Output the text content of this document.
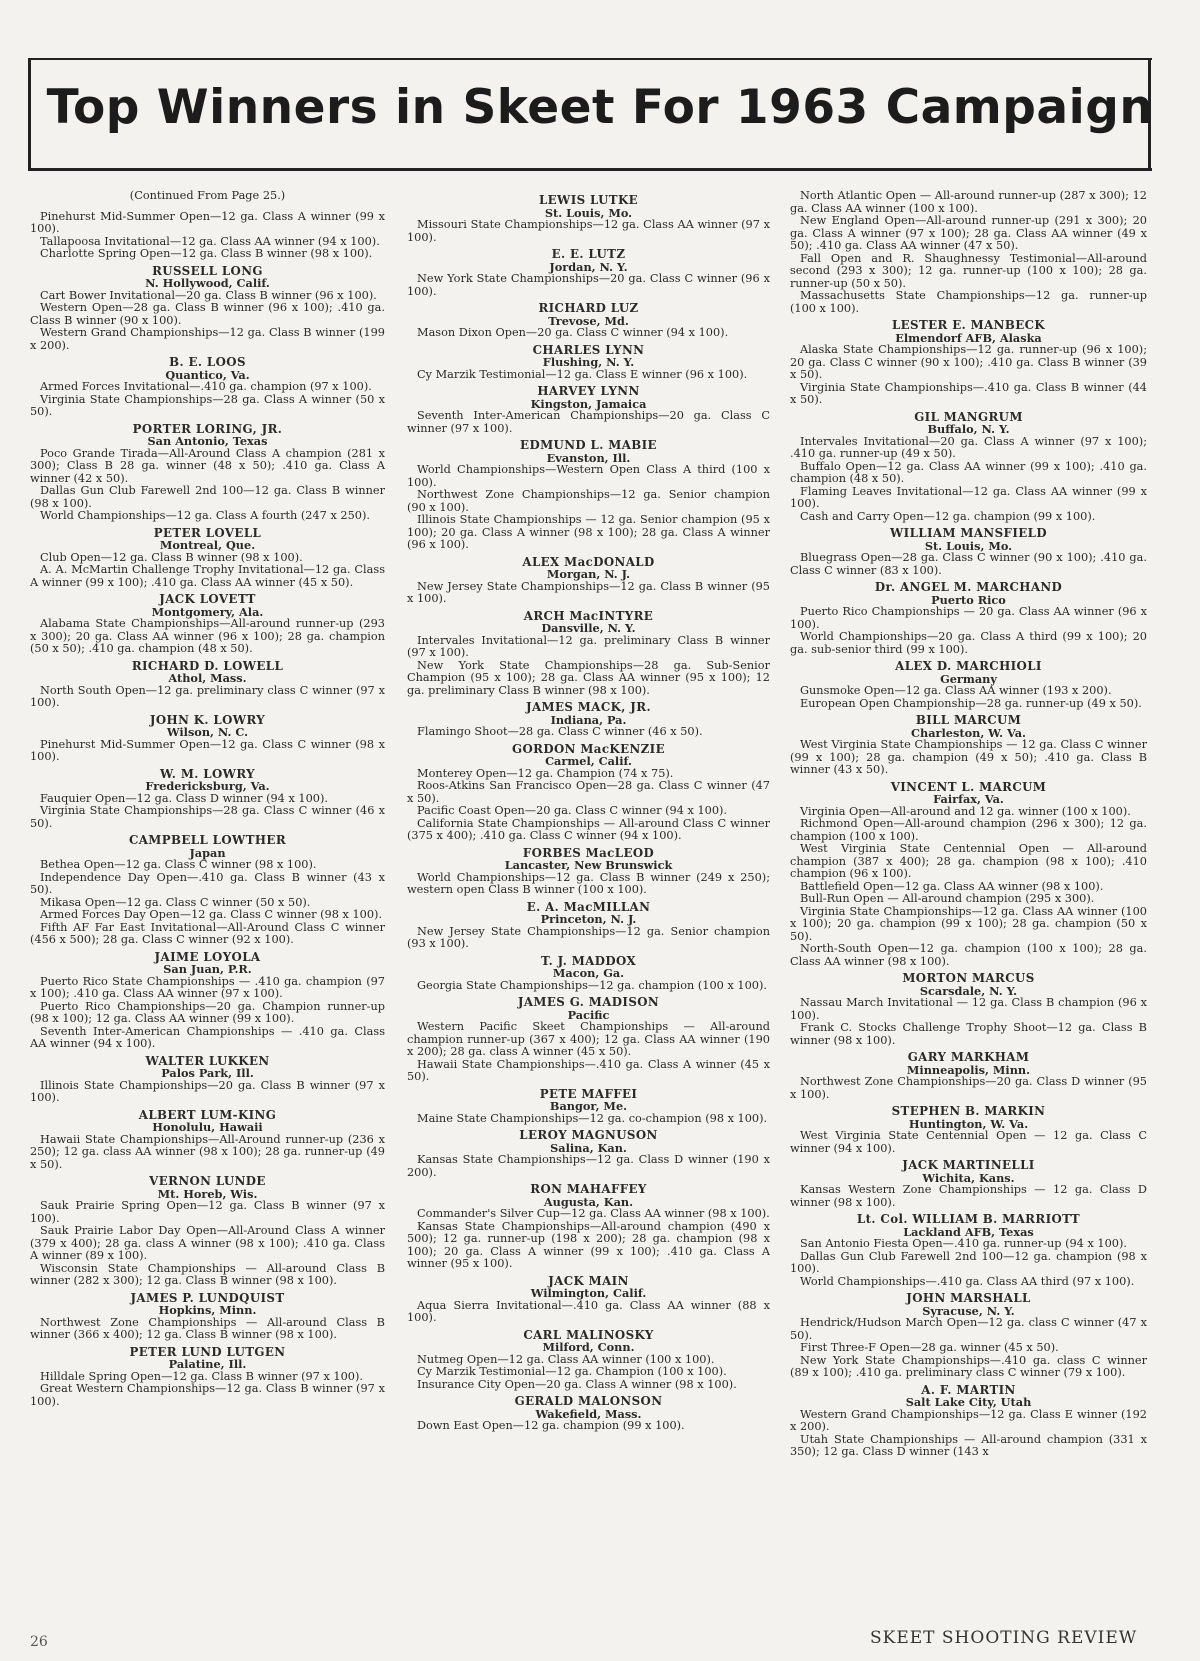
Top Winners in Skeet For 1963 Campaign

(Continued From Page 25.)

Pinehurst Mid-Summer Open—12 ga. Class A winner (99 x 100).

Tallapoosa Invitational—12 ga. Class AA winner (94 x 100).

Charlotte Spring Open—12 ga. Class B winner (98 x 100).

RUSSELL LONG

N. Hollywood, Calif.

Cart Bower Invitational—20 ga. Class B winner (96 x 100).

Western Open—28 ga. Class B winner (96 x 100); .410 ga. Class B winner (90 x 100).

Western Grand Championships—12 ga. Class B winner (199 x 200).

B. E. LOOS

Quantico, Va.

Armed Forces Invitational—.410 ga. champion (97 x 100).

Virginia State Championships—28 ga. Class A winner (50 x 50).

PORTER LORING, JR.

San Antonio, Texas

Poco Grande Tirada—All-Around Class A champion (281 x 300); Class B 28 ga. winner (48 x 50); .410 ga. Class A winner (42 x 50).

Dallas Gun Club Farewell 2nd 100—12 ga. Class B winner (98 x 100).

World Championships—12 ga. Class A fourth (247 x 250).

PETER LOVELL

Montreal, Que.

Club Open—12 ga. Class B winner (98 x 100).

A. A. McMartin Challenge Trophy Invitational—12 ga. Class A winner (99 x 100); .410 ga. Class AA winner (45 x 50).

JACK LOVETT

Montgomery, Ala.

Alabama State Championships—All-around runner-up (293 x 300); 20 ga. Class AA winner (96 x 100); 28 ga. champion (50 x 50); .410 ga. champion (48 x 50).

RICHARD D. LOWELL

Athol, Mass.

North South Open—12 ga. preliminary class C winner (97 x 100).

JOHN K. LOWRY

Wilson, N. C.

Pinehurst Mid-Summer Open—12 ga. Class C winner (98 x 100).

W. M. LOWRY

Fredericksburg, Va.

Fauquier Open—12 ga. Class D winner (94 x 100).

Virginia State Championships—28 ga. Class C winner (46 x 50).

CAMPBELL LOWTHER

Japan

Bethea Open—12 ga. Class C winner (98 x 100).

Independence Day Open—.410 ga. Class B winner (43 x 50).

Mikasa Open—12 ga. Class C winner (50 x 50).

Armed Forces Day Open—12 ga. Class C winner (98 x 100).

Fifth AF Far East Invitational—All-Around Class C winner (456 x 500); 28 ga. Class C winner (92 x 100).

JAIME LOYOLA

San Juan, P.R.

Puerto Rico State Championships — .410 ga. champion (97 x 100); .410 ga. Class AA winner (97 x 100).

Puerto Rico Championships—20 ga. Champion runner-up (98 x 100); 12 ga. Class AA winner (99 x 100).

Seventh Inter-American Championships — .410 ga. Class AA winner (94 x 100).

WALTER LUKKEN

Palos Park, Ill.

Illinois State Championships—20 ga. Class B winner (97 x 100).

ALBERT LUM-KING

Honolulu, Hawaii

Hawaii State Championships—All-Around runner-up (236 x 250); 12 ga. class AA winner (98 x 100); 28 ga. runner-up (49 x 50).

VERNON LUNDE

Mt. Horeb, Wis.

Sauk Prairie Spring Open—12 ga. Class B winner (97 x 100).

Sauk Prairie Labor Day Open—All-Around Class A winner (379 x 400); 28 ga. class A winner (98 x 100); .410 ga. Class A winner (89 x 100).

Wisconsin State Championships — All-around Class B winner (282 x 300); 12 ga. Class B winner (98 x 100).

JAMES P. LUNDQUIST

Hopkins, Minn.

Northwest Zone Championships — All-around Class B winner (366 x 400); 12 ga. Class B winner (98 x 100).

PETER LUND LUTGEN

Palatine, Ill.

Hilldale Spring Open—12 ga. Class B winner (97 x 100).

Great Western Championships—12 ga. Class B winner (97 x 100).

LEWIS LUTKE

St. Louis, Mo.

Missouri State Championships—12 ga. Class AA winner (97 x 100).

E. E. LUTZ

Jordan, N. Y.

New York State Championships—20 ga. Class C winner (96 x 100).

RICHARD LUZ

Trevose, Md.

Mason Dixon Open—20 ga. Class C winner (94 x 100).

CHARLES LYNN

Flushing, N. Y.

Cy Marzik Testimonial—12 ga. Class E winner (96 x 100).

HARVEY LYNN

Kingston, Jamaica

Seventh Inter-American Championships—20 ga. Class C winner (97 x 100).

EDMUND L. MABIE

Evanston, Ill.

World Championships—Western Open Class A third (100 x 100).

Northwest Zone Championships—12 ga. Senior champion (90 x 100).

Illinois State Championships — 12 ga. Senior champion (95 x 100); 20 ga. Class A winner (98 x 100); 28 ga. Class A winner (96 x 100).

ALEX MacDONALD

Morgan, N. J.

New Jersey State Championships—12 ga. Class B winner (95 x 100).

ARCH MacINTYRE

Dansville, N. Y.

Intervales Invitational—12 ga. preliminary Class B winner (97 x 100).

New York State Championships—28 ga. Sub-Senior Champion (95 x 100); 28 ga. Class AA winner (95 x 100); 12 ga. preliminary Class B winner (98 x 100).

JAMES MACK, JR.

Indiana, Pa.

Flamingo Shoot—28 ga. Class C winner (46 x 50).

GORDON MacKENZIE

Carmel, Calif.

Monterey Open—12 ga. Champion (74 x 75).

Roos-Atkins San Francisco Open—28 ga. Class C winner (47 x 50).

Pacific Coast Open—20 ga. Class C winner (94 x 100).

California State Championships — All-around Class C winner (375 x 400); .410 ga. Class C winner (94 x 100).

FORBES MacLEOD

Lancaster, New Brunswick

World Championships—12 ga. Class B winner (249 x 250); western open Class B winner (100 x 100).

E. A. MacMILLAN

Princeton, N. J.

New Jersey State Championships—12 ga. Senior champion (93 x 100).

T. J. MADDOX

Macon, Ga.

Georgia State Championships—12 ga. champion (100 x 100).

JAMES G. MADISON

Pacific

Western Pacific Skeet Championships — All-around champion runner-up (367 x 400); 12 ga. Class AA winner (190 x 200); 28 ga. class A winner (45 x 50).

Hawaii State Championships—.410 ga. Class A winner (45 x 50).

PETE MAFFEI

Bangor, Me.

Maine State Championships—12 ga. co-champion (98 x 100).

LEROY MAGNUSON

Salina, Kan.

Kansas State Championships—12 ga. Class D winner (190 x 200).

RON MAHAFFEY

Augusta, Kan.

Commander's Silver Cup—12 ga. Class AA winner (98 x 100).

Kansas State Championships—All-around champion (490 x 500); 12 ga. runner-up (198 x 200); 28 ga. champion (98 x 100); 20 ga. Class A winner (99 x 100); .410 ga. Class A winner (95 x 100).

JACK MAIN

Wilmington, Calif.

Aqua Sierra Invitational—.410 ga. Class AA winner (88 x 100).

CARL MALINOSKY

Milford, Conn.

Nutmeg Open—12 ga. Class AA winner (100 x 100).

Cy Marzik Testimonial—12 ga. Champion (100 x 100).

Insurance City Open—20 ga. Class A winner (98 x 100).

GERALD MALONSON

Wakefield, Mass.

Down East Open—12 ga. champion (99 x 100).

North Atlantic Open — All-around runner-up (287 x 300); 12 ga. Class AA winner (100 x 100).

New England Open—All-around runner-up (291 x 300); 20 ga. Class A winner (97 x 100); 28 ga. Class AA winner (49 x 50); .410 ga. Class AA winner (47 x 50).

Fall Open and R. Shaughnessy Testimonial—All-around second (293 x 300); 12 ga. runner-up (100 x 100); 28 ga. runner-up (50 x 50).

Massachusetts State Championships—12 ga. runner-up (100 x 100).

LESTER E. MANBECK

Elmendorf AFB, Alaska

Alaska State Championships—12 ga. runner-up (96 x 100); 20 ga. Class C winner (90 x 100); .410 ga. Class B winner (39 x 50).

Virginia State Championships—.410 ga. Class B winner (44 x 50).

GIL MANGRUM

Buffalo, N. Y.

Intervales Invitational—20 ga. Class A winner (97 x 100); .410 ga. runner-up (49 x 50).

Buffalo Open—12 ga. Class AA winner (99 x 100); .410 ga. champion (48 x 50).

Flaming Leaves Invitational—12 ga. Class AA winner (99 x 100).

Cash and Carry Open—12 ga. champion (99 x 100).

WILLIAM MANSFIELD

St. Louis, Mo.

Bluegrass Open—28 ga. Class C winner (90 x 100); .410 ga. Class C winner (83 x 100).

Dr. ANGEL M. MARCHAND

Puerto Rico

Puerto Rico Championships — 20 ga. Class AA winner (96 x 100).

World Championships—20 ga. Class A third (99 x 100); 20 ga. sub-senior third (99 x 100).

ALEX D. MARCHIOLI

Germany

Gunsmoke Open—12 ga. Class AA winner (193 x 200).

European Open Championship—28 ga. runner-up (49 x 50).

BILL MARCUM

Charleston, W. Va.

West Virginia State Championships — 12 ga. Class C winner (99 x 100); 28 ga. champion (49 x 50); .410 ga. Class B winner (43 x 50).

VINCENT L. MARCUM

Fairfax, Va.

Virginia Open—All-around and 12 ga. winner (100 x 100).

Richmond Open—All-around champion (296 x 300); 12 ga. champion (100 x 100).

West Virginia State Centennial Open — All-around champion (387 x 400); 28 ga. champion (98 x 100); .410 champion (96 x 100).

Battlefield Open—12 ga. Class AA winner (98 x 100).

Bull-Run Open — All-around champion (295 x 300).

Virginia State Championships—12 ga. Class AA winner (100 x 100); 20 ga. champion (99 x 100); 28 ga. champion (50 x 50).

North-South Open—12 ga. champion (100 x 100); 28 ga. Class AA winner (98 x 100).

MORTON MARCUS

Scarsdale, N. Y.

Nassau March Invitational — 12 ga. Class B champion (96 x 100).

Frank C. Stocks Challenge Trophy Shoot—12 ga. Class B winner (98 x 100).

GARY MARKHAM

Minneapolis, Minn.

Northwest Zone Championships—20 ga. Class D winner (95 x 100).

STEPHEN B. MARKIN

Huntington, W. Va.

West Virginia State Centennial Open — 12 ga. Class C winner (94 x 100).

JACK MARTINELLI

Wichita, Kans.

Kansas Western Zone Championships — 12 ga. Class D winner (98 x 100).

Lt. Col. WILLIAM B. MARRIOTT

Lackland AFB, Texas

San Antonio Fiesta Open—.410 ga. runner-up (94 x 100).

Dallas Gun Club Farewell 2nd 100—12 ga. champion (98 x 100).

World Championships—.410 ga. Class AA third (97 x 100).

JOHN MARSHALL

Syracuse, N. Y.

Hendrick/Hudson March Open—12 ga. class C winner (47 x 50).

First Three-F Open—28 ga. winner (45 x 50).

New York State Championships—.410 ga. class C winner (89 x 100); .410 ga. preliminary class C winner (79 x 100).

A. F. MARTIN

Salt Lake City, Utah

Western Grand Championships—12 ga. Class E winner (192 x 200).

Utah State Championships — All-around champion (331 x 350); 12 ga. Class D winner (143 x

26	SKEET SHOOTING REVIEW
